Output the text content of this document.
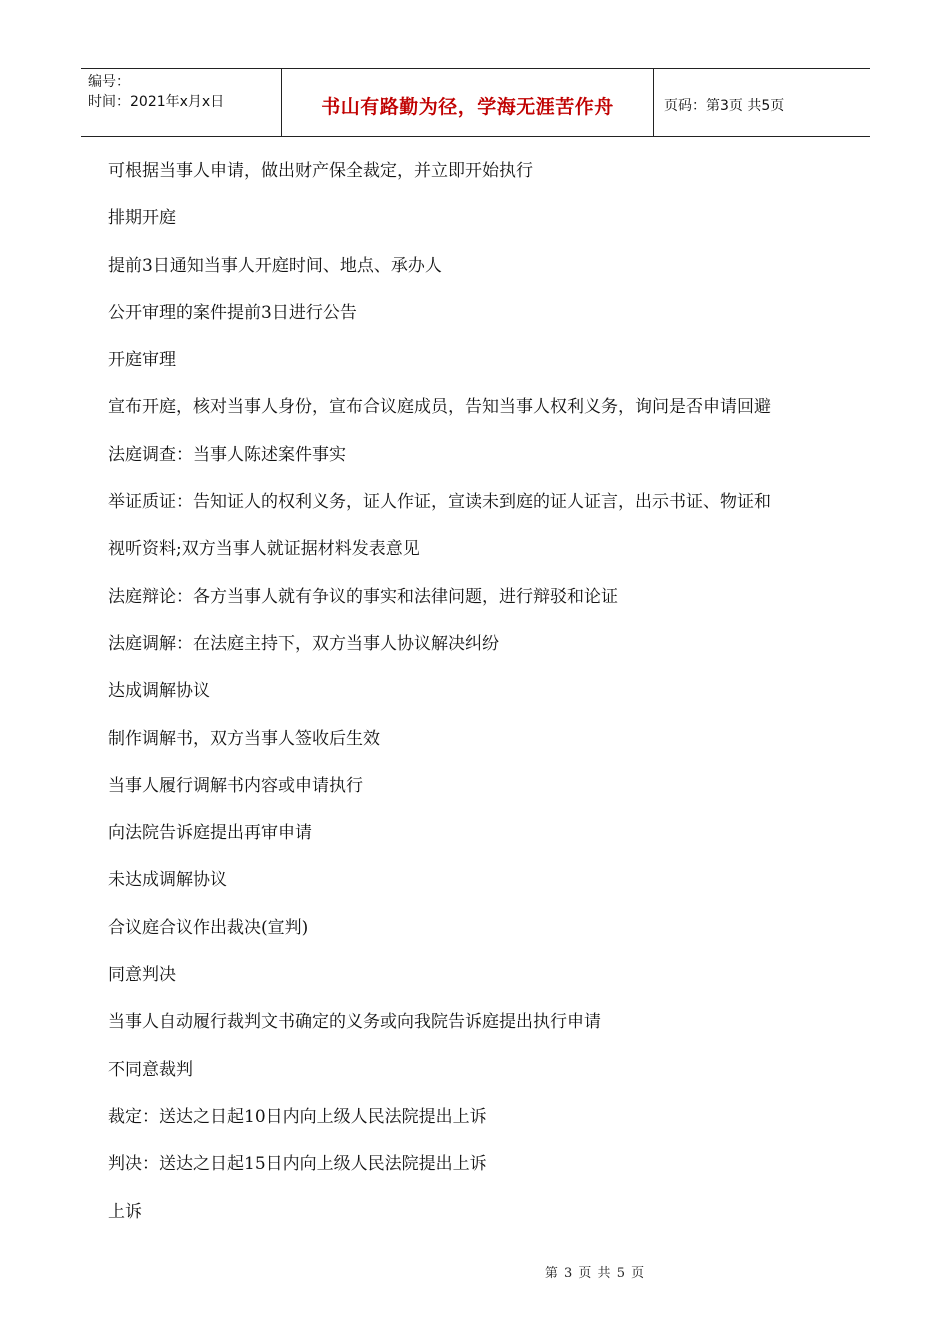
编号：
时间：2021年x月x日	书山有路勤为径，学海无涯苦作舟	页码：第3页 共5页
可根据当事人申请，做出财产保全裁定，并立即开始执行
排期开庭
提前3日通知当事人开庭时间、地点、承办人
公开审理的案件提前3日进行公告
开庭审理
宣布开庭，核对当事人身份，宣布合议庭成员，告知当事人权利义务，询问是否申请回避
法庭调查：当事人陈述案件事实
举证质证：告知证人的权利义务，证人作证，宣读未到庭的证人证言，出示书证、物证和
视听资料;双方当事人就证据材料发表意见
法庭辩论：各方当事人就有争议的事实和法律问题，进行辩驳和论证
法庭调解：在法庭主持下，双方当事人协议解决纠纷
达成调解协议
制作调解书，双方当事人签收后生效
当事人履行调解书内容或申请执行
向法院告诉庭提出再审申请
未达成调解协议
合议庭合议作出裁决(宣判)
同意判决
当事人自动履行裁判文书确定的义务或向我院告诉庭提出执行申请
不同意裁判
裁定：送达之日起10日内向上级人民法院提出上诉
判决：送达之日起15日内向上级人民法院提出上诉
上诉
第 3 页 共 5 页
